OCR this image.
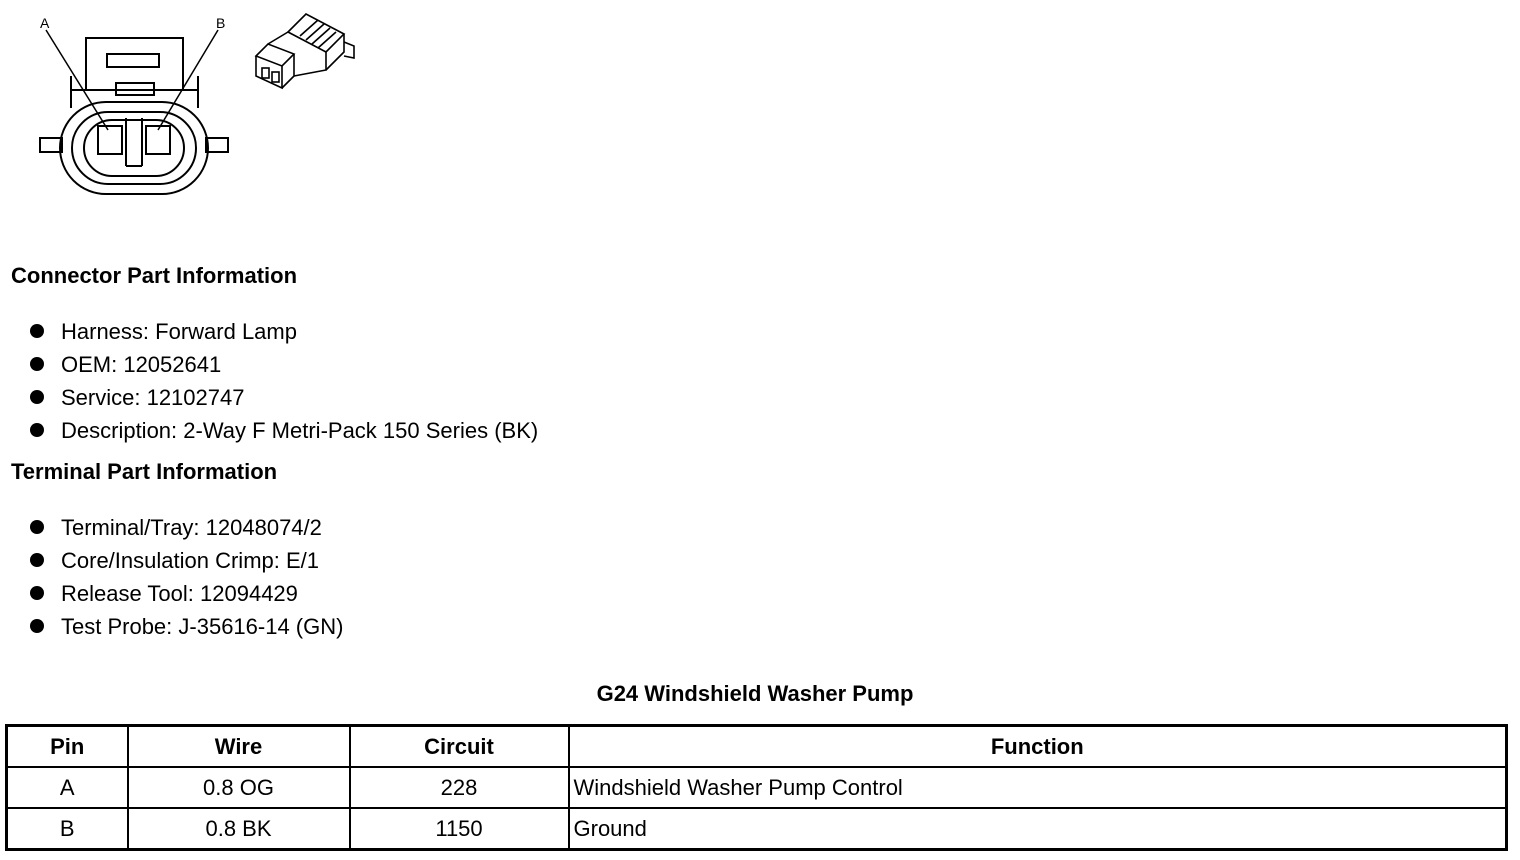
A	B
Connector Part Information
Harness: Forward Lamp
OEM: 12052641
Service: 12102747
Description: 2-Way F Metri-Pack 150 Series (BK)
Terminal Part Information
Terminal/Tray: 12048074/2
Core/Insulation Crimp: E/1
Release Tool: 12094429
Test Probe: J-35616-14 (GN)
G24 Windshield Washer Pump
Pin	Wire	Circuit	Function
A	0.8 OG	228	Windshield Washer Pump Control
B	0.8 BK	1150	Ground
